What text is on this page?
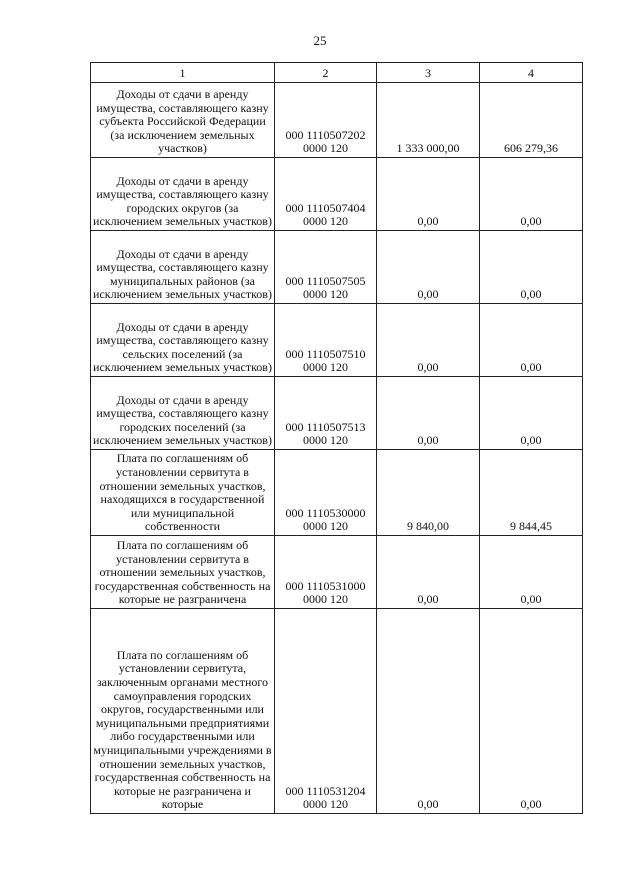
25
1	2	3	4
Доходы от сдачи в аренду имущества, составляющего казну субъекта Российской Федерации (за исключением земельных участков)	000 1110507202 0000 120	1 333 000,00	606 279,36
Доходы от сдачи в аренду имущества, составляющего казну городских округов (за исключением земельных участков)	000 1110507404 0000 120	0,00	0,00
Доходы от сдачи в аренду имущества, составляющего казну муниципальных районов (за исключением земельных участков)	000 1110507505 0000 120	0,00	0,00
Доходы от сдачи в аренду имущества, составляющего казну сельских поселений (за исключением земельных участков)	000 1110507510 0000 120	0,00	0,00
Доходы от сдачи в аренду имущества, составляющего казну городских поселений (за исключением земельных участков)	000 1110507513 0000 120	0,00	0,00
Плата по соглашениям об установлении сервитута в отношении земельных участков, находящихся в государственной или муниципальной собственности	000 1110530000 0000 120	9 840,00	9 844,45
Плата по соглашениям об установлении сервитута в отношении земельных участков, государственная собственность на которые не разграничена	000 1110531000 0000 120	0,00	0,00
Плата по соглашениям об установлении сервитута, заключенным органами местного самоуправления городских округов, государственными или муниципальными предприятиями либо государственными или муниципальными учреждениями в отношении земельных участков, государственная собственность на которые не разграничена и которые	000 1110531204 0000 120	0,00	0,00
